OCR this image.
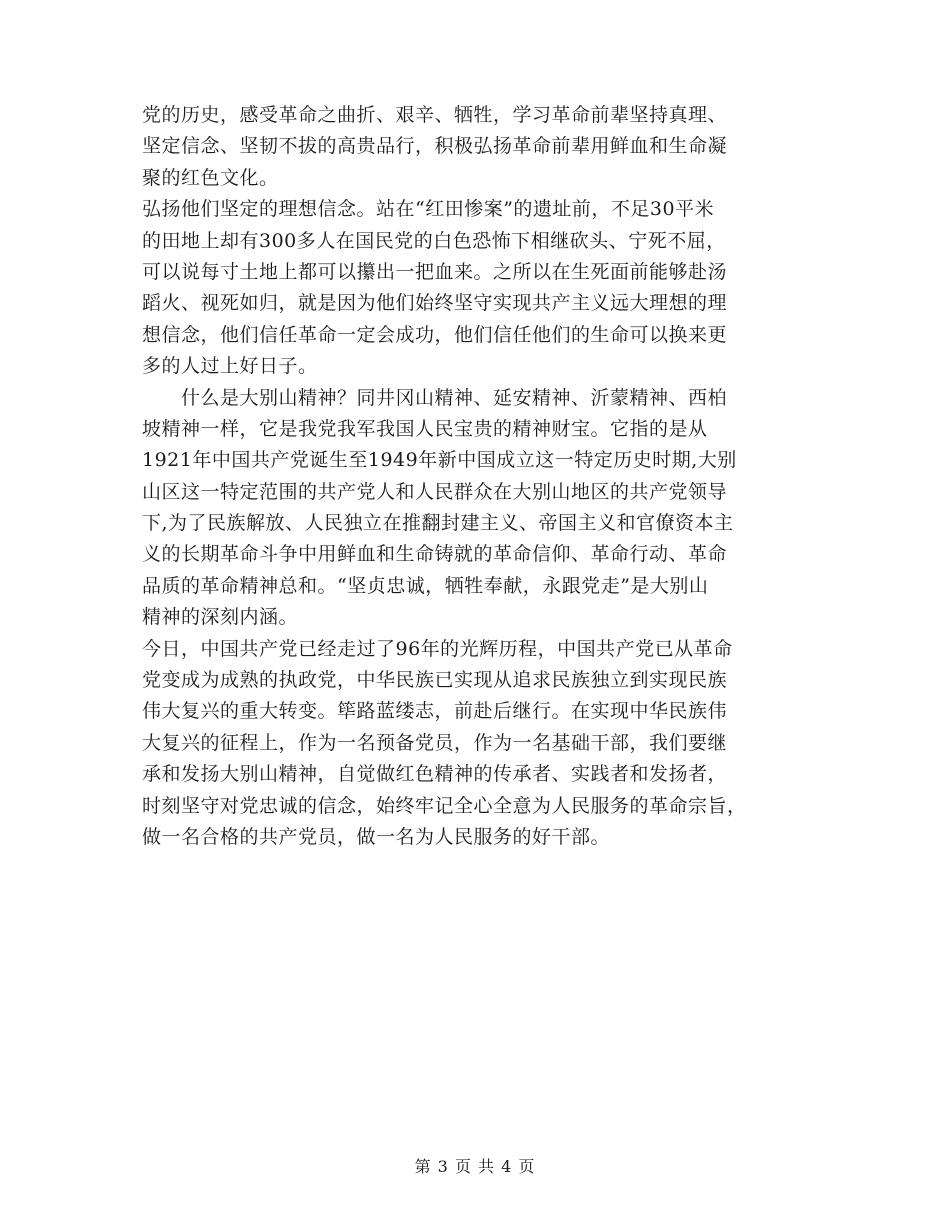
党的历史，感受革命之曲折、艰辛、牺牲，学习革命前辈坚持真理、
坚定信念、坚韧不拔的高贵品行，积极弘扬革命前辈用鲜血和生命凝
聚的红色文化。
弘扬他们坚定的理想信念。站在“红田惨案”的遗址前，不足30平米
的田地上却有300多人在国民党的白色恐怖下相继砍头、宁死不屈，
可以说每寸土地上都可以攥出一把血来。之所以在生死面前能够赴汤
蹈火、视死如归，就是因为他们始终坚守实现共产主义远大理想的理
想信念，他们信任革命一定会成功，他们信任他们的生命可以换来更
多的人过上好日子。
　　什么是大别山精神？同井冈山精神、延安精神、沂蒙精神、西柏
坡精神一样，它是我党我军我国人民宝贵的精神财宝。它指的是从
1921年中国共产党诞生至1949年新中国成立这一特定历史时期,大别
山区这一特定范围的共产党人和人民群众在大别山地区的共产党领导
下,为了民族解放、人民独立在推翻封建主义、帝国主义和官僚资本主
义的长期革命斗争中用鲜血和生命铸就的革命信仰、革命行动、革命
品质的革命精神总和。“坚贞忠诚，牺牲奉献，永跟党走”是大别山
精神的深刻内涵。
今日，中国共产党已经走过了96年的光辉历程，中国共产党已从革命
党变成为成熟的执政党，中华民族已实现从追求民族独立到实现民族
伟大复兴的重大转变。筚路蓝缕志，前赴后继行。在实现中华民族伟
大复兴的征程上，作为一名预备党员，作为一名基础干部，我们要继
承和发扬大别山精神，自觉做红色精神的传承者、实践者和发扬者，
时刻坚守对党忠诚的信念，始终牢记全心全意为人民服务的革命宗旨，
做一名合格的共产党员，做一名为人民服务的好干部。
第 3 页 共 4 页
